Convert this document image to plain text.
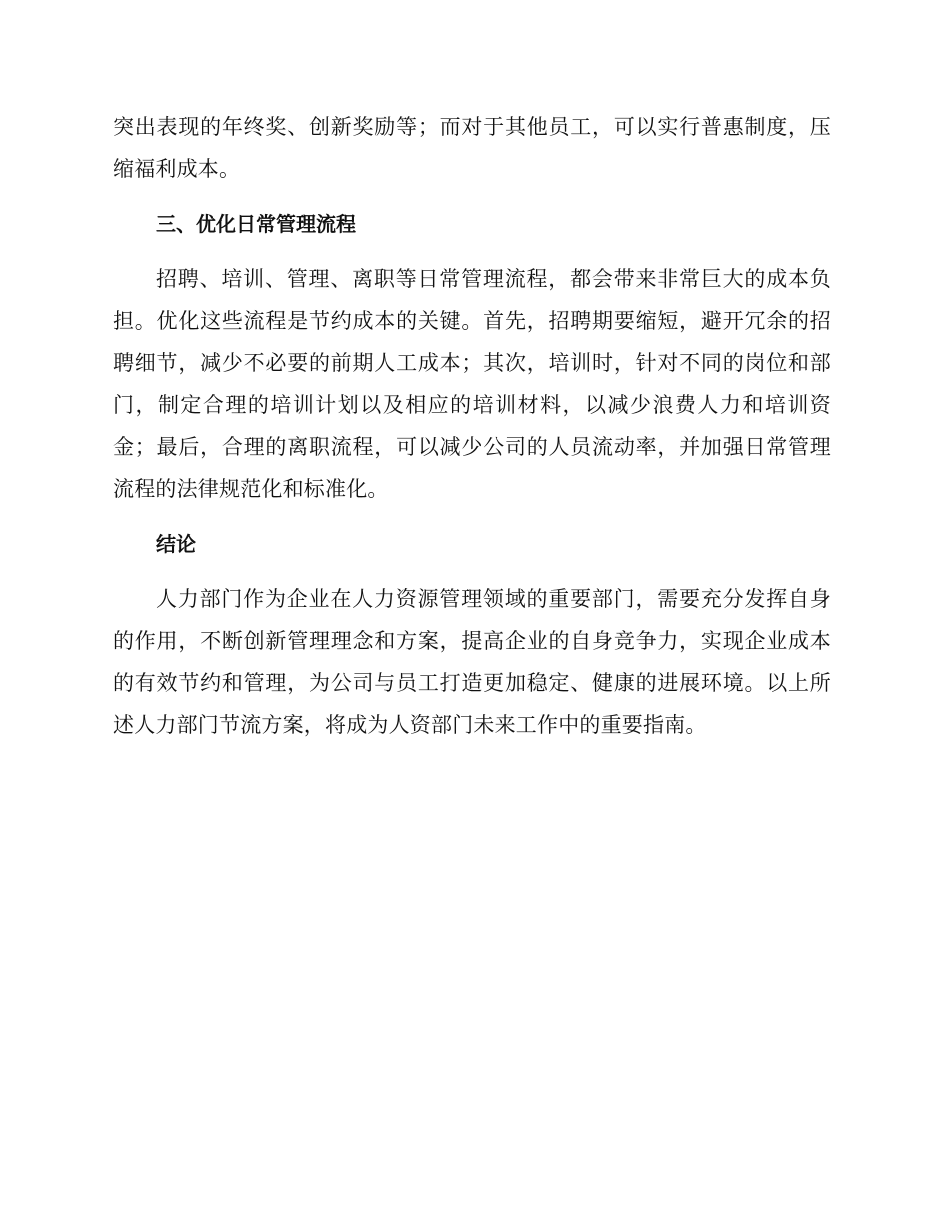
突出表现的年终奖、创新奖励等；而对于其他员工，可以实行普惠制度，压缩福利成本。

三、优化日常管理流程

招聘、培训、管理、离职等日常管理流程，都会带来非常巨大的成本负担。优化这些流程是节约成本的关键。首先，招聘期要缩短，避开冗余的招聘细节，减少不必要的前期人工成本；其次，培训时，针对不同的岗位和部门，制定合理的培训计划以及相应的培训材料，以减少浪费人力和培训资金；最后，合理的离职流程，可以减少公司的人员流动率，并加强日常管理流程的法律规范化和标准化。

结论

人力部门作为企业在人力资源管理领域的重要部门，需要充分发挥自身的作用，不断创新管理理念和方案，提高企业的自身竞争力，实现企业成本的有效节约和管理，为公司与员工打造更加稳定、健康的进展环境。以上所述人力部门节流方案，将成为人资部门未来工作中的重要指南。
